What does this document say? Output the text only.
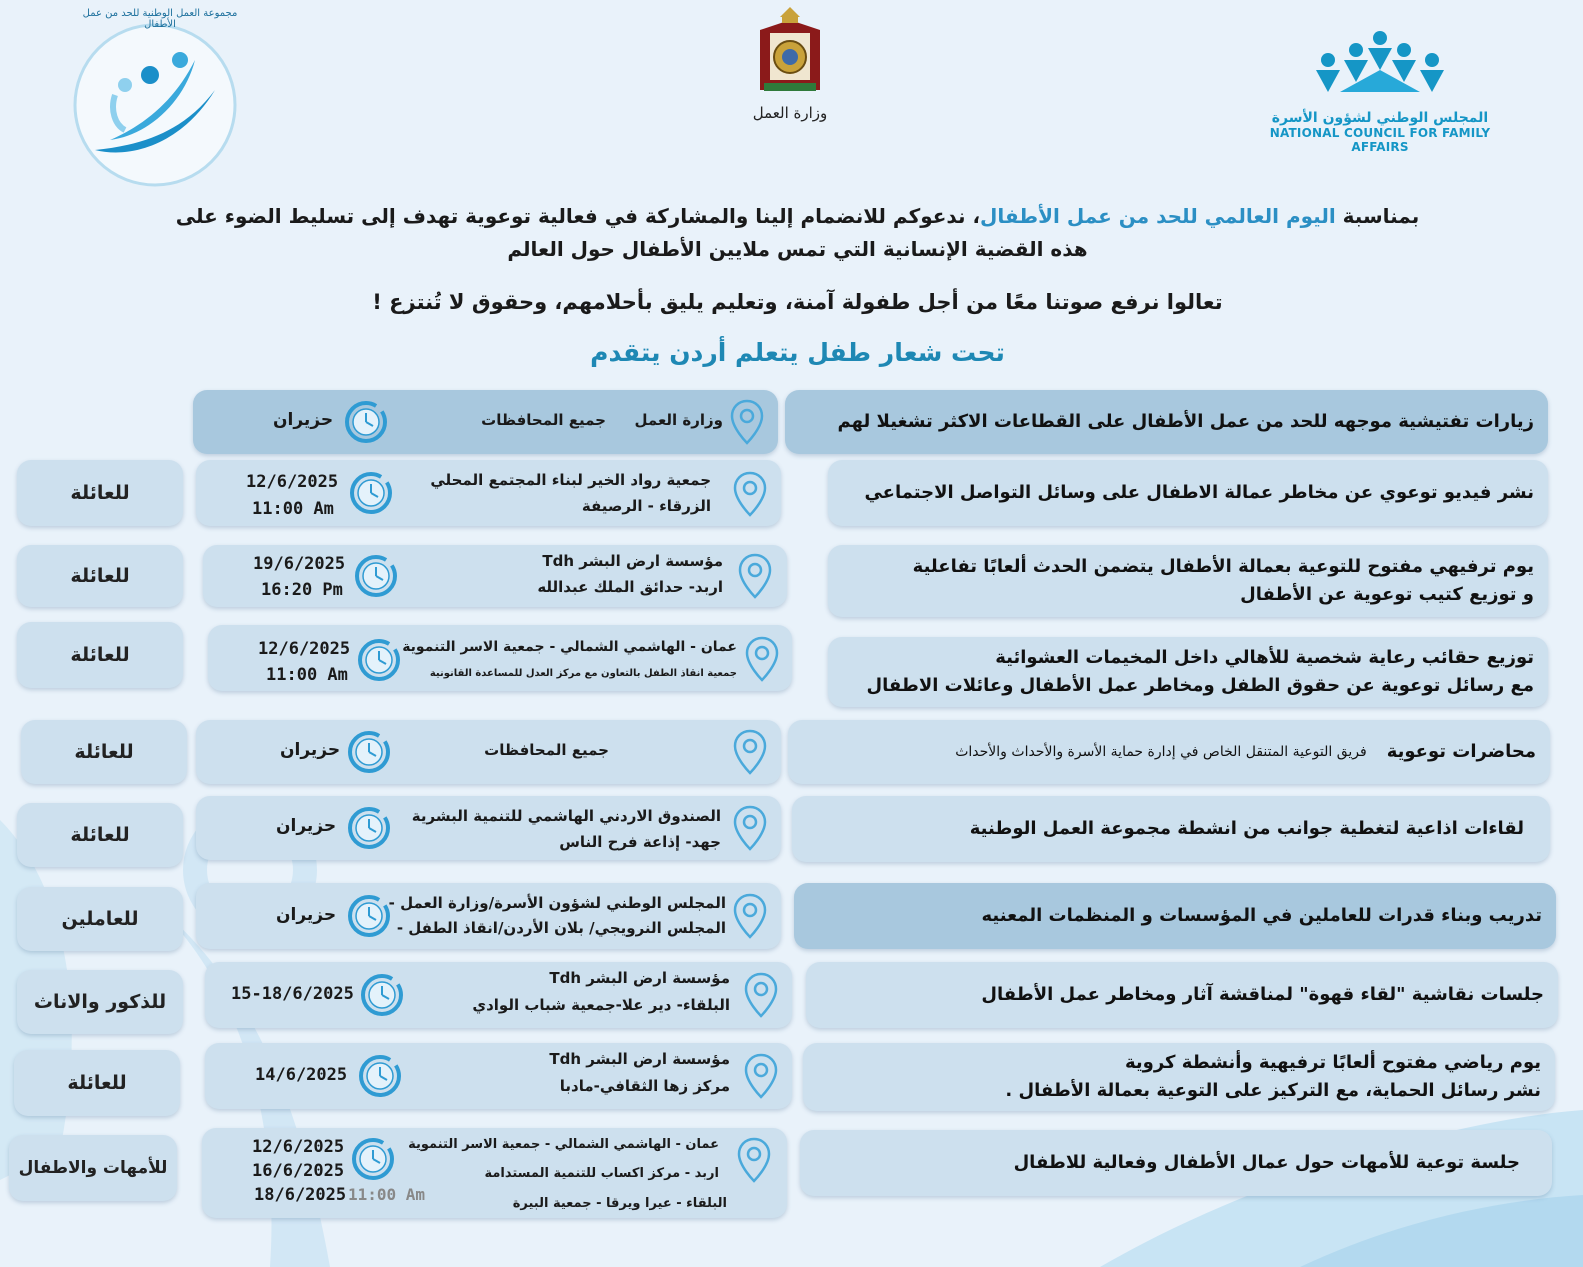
مجموعة العمل الوطنية للحد من عمل الأطفال
وزارة العمل	المجلس الوطني لشؤون الأسرة
NATIONAL COUNCIL FOR FAMILY AFFAIRS
بمناسبة اليوم العالمي للحد من عمل الأطفال، ندعوكم للانضمام إلينا والمشاركة في فعالية توعوية تهدف إلى تسليط الضوء على
هذه القضية الإنسانية التي تمس ملايين الأطفال حول العالم
تعالوا نرفع صوتنا معًا من أجل طفولة آمنة، وتعليم يليق بأحلامهم، وحقوق لا تُنتزع !
تحت شعار طفل يتعلم أردن يتقدم
زيارات تفتيشية موجهه للحد من عمل الأطفال على القطاعات الاكثر تشغيلا لهم
وزارة العمل
جميع المحافظات
حزيران
نشر فيديو توعوي عن مخاطر عمالة الاطفال على وسائل التواصل الاجتماعي
جمعية رواد الخير لبناء المجتمع المحلي
الزرقاء - الرصيفة
12/6/2025
11:00 Am
للعائلة
يوم ترفيهي مفتوح للتوعية بعمالة الأطفال يتضمن الحدث ألعابًا تفاعلية
و توزيع كتيب توعوية عن الأطفال
مؤسسة ارض البشر Tdh
اربد- حدائق الملك عبدالله
19/6/2025
16:20 Pm
للعائلة
توزيع حقائب رعاية شخصية للأهالي داخل المخيمات العشوائية
مع رسائل توعوية عن حقوق الطفل ومخاطر عمل الأطفال وعائلات الاطفال
عمان - الهاشمي الشمالي - جمعية الاسر التنموية
جمعية انقاذ الطفل بالتعاون مع مركز العدل للمساعدة القانونية
12/6/2025
11:00 Am
للعائلة
محاضرات توعوية
فريق التوعية المتنقل الخاص في إدارة حماية الأسرة والأحداث والأحداث
جميع المحافظات
حزيران
للعائلة
لقاءات اذاعية لتغطية جوانب من انشطة مجموعة العمل الوطنية
الصندوق الاردني الهاشمي للتنمية البشرية
جهد- إذاعة فرح الناس
حزيران
للعائلة
تدريب وبناء قدرات للعاملين في المؤسسات و المنظمات المعنيه
المجلس الوطني لشؤون الأسرة/وزارة العمل -
المجلس النرويجي/ بلان الأردن/انقاذ الطفل -
حزيران
للعاملين
جلسات نقاشية "لقاء قهوة" لمناقشة آثار ومخاطر عمل الأطفال
مؤسسة ارض البشر Tdh
البلقاء- دير علا-جمعية شباب الوادي
15-18/6/2025
للذكور والاناث
يوم رياضي مفتوح ألعابًا ترفيهية وأنشطة كروية
نشر رسائل الحماية، مع التركيز على التوعية بعمالة الأطفال .
مؤسسة ارض البشر Tdh
مركز زها الثقافي-مادبا
14/6/2025
للعائلة
جلسة توعية للأمهات حول عمال الأطفال وفعالية للاطفال
عمان - الهاشمي الشمالي - جمعية الاسر التنموية
اربد - مركز اكساب للتنمية المستدامة
البلقاء - عيرا ويرقا - جمعية البيرة
12/6/2025
16/6/2025
18/6/2025 11:00 Am
للأمهات والاطفال
